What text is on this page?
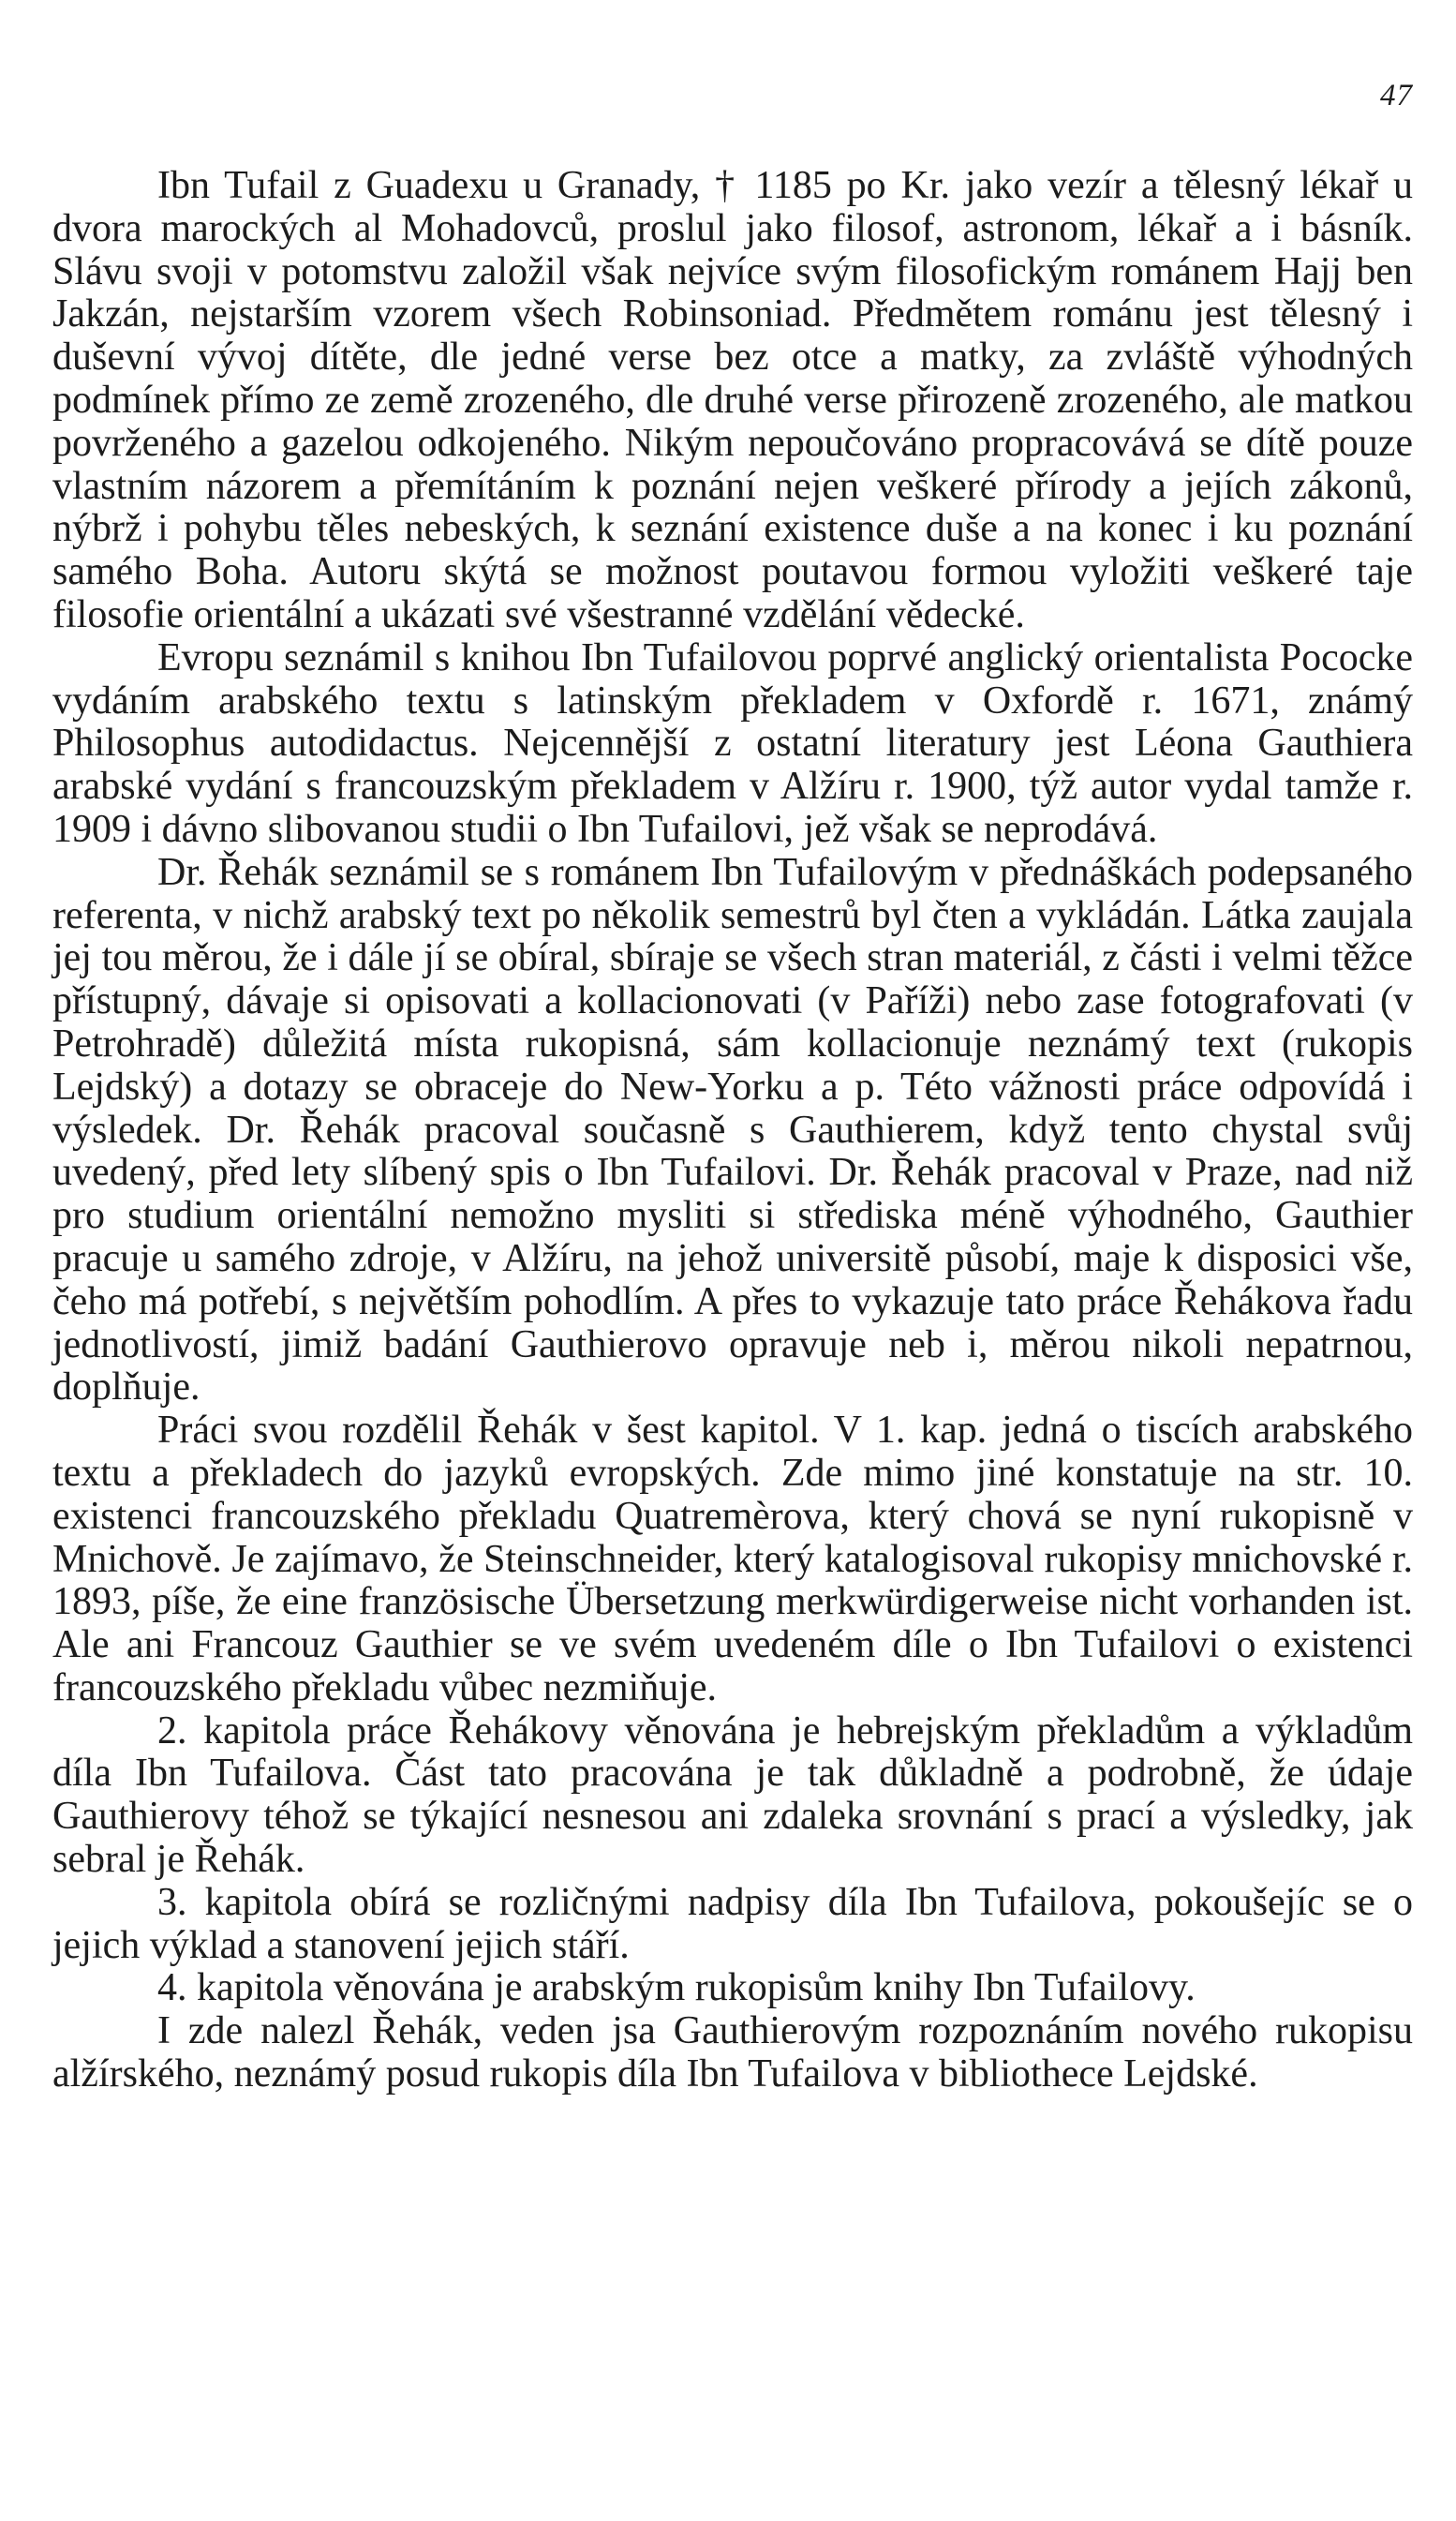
47

Ibn Tufail z Guadexu u Granady, † 1185 po Kr. jako vezír a tělesný lékař u dvora marockých al Mohadovců, proslul jako filosof, astronom, lékař a i básník. Slávu svoji v potomstvu založil však nejvíce svým filosofickým románem Hajj ben Jakzán, nejstarším vzorem všech Robinsoniad. Předmětem románu jest tělesný i duševní vývoj dítěte, dle jedné verse bez otce a matky, za zvláště výhodných podmínek přímo ze země zrozeného, dle druhé verse přirozeně zrozeného, ale matkou povrženého a gazelou odkojeného. Nikým nepoučováno propracovává se dítě pouze vlastním názorem a přemítáním k poznání nejen veškeré přírody a jejích zákonů, nýbrž i pohybu těles nebeských, k seznání existence duše a na konec i ku poznání samého Boha. Autoru skýtá se možnost poutavou formou vyložiti veškeré taje filosofie orientální a ukázati své všestranné vzdělání vědecké.

Evropu seznámil s knihou Ibn Tufailovou poprvé anglický orientalista Pococke vydáním arabského textu s latinským překladem v Oxfordě r. 1671, známý Philosophus autodidactus. Nejcennější z ostatní literatury jest Léona Gauthiera arabské vydání s francouzským překladem v Alžíru r. 1900, týž autor vydal tamže r. 1909 i dávno slibovanou studii o Ibn Tufailovi, jež však se neprodává.

Dr. Řehák seznámil se s románem Ibn Tufailovým v přednáškách podepsaného referenta, v nichž arabský text po několik semestrů byl čten a vykládán. Látka zaujala jej tou měrou, že i dále jí se obíral, sbíraje se všech stran materiál, z části i velmi těžce přístupný, dávaje si opisovati a kollacionovati (v Paříži) nebo zase fotografovati (v Petrohradě) důležitá místa rukopisná, sám kollacionuje neznámý text (rukopis Lejdský) a dotazy se obraceje do New-Yorku a p. Této vážnosti práce odpovídá i výsledek. Dr. Řehák pracoval současně s Gauthierem, když tento chystal svůj uvedený, před lety slíbený spis o Ibn Tufailovi. Dr. Řehák pracoval v Praze, nad niž pro studium orientální nemožno mysliti si střediska méně výhodného, Gauthier pracuje u samého zdroje, v Alžíru, na jehož universitě působí, maje k disposici vše, čeho má potřebí, s největším pohodlím. A přes to vykazuje tato práce Řehákova řadu jednotlivostí, jimiž badání Gauthierovo opravuje neb i, měrou nikoli nepatrnou, doplňuje.

Práci svou rozdělil Řehák v šest kapitol. V 1. kap. jedná o tiscích arabského textu a překladech do jazyků evropských. Zde mimo jiné konstatuje na str. 10. existenci francouzského překladu Quatremèrova, který chová se nyní rukopisně v Mnichově. Je zajímavo, že Steinschneider, který katalogisoval rukopisy mnichovské r. 1893, píše, že eine französische Übersetzung merkwürdigerweise nicht vorhanden ist. Ale ani Francouz Gauthier se ve svém uvedeném díle o Ibn Tufailovi o existenci francouzského překladu vůbec nezmiňuje.

2. kapitola práce Řehákovy věnována je hebrejským překladům a výkladům díla Ibn Tufailova. Část tato pracována je tak důkladně a podrobně, že údaje Gauthierovy téhož se týkající nesnesou ani zdaleka srovnání s prací a výsledky, jak sebral je Řehák.

3. kapitola obírá se rozličnými nadpisy díla Ibn Tufailova, pokoušejíc se o jejich výklad a stanovení jejich stáří.

4. kapitola věnována je arabským rukopisům knihy Ibn Tufailovy.

I zde nalezl Řehák, veden jsa Gauthierovým rozpoznáním nového rukopisu alžírského, neznámý posud rukopis díla Ibn Tufailova v bibliothece Lejdské.
